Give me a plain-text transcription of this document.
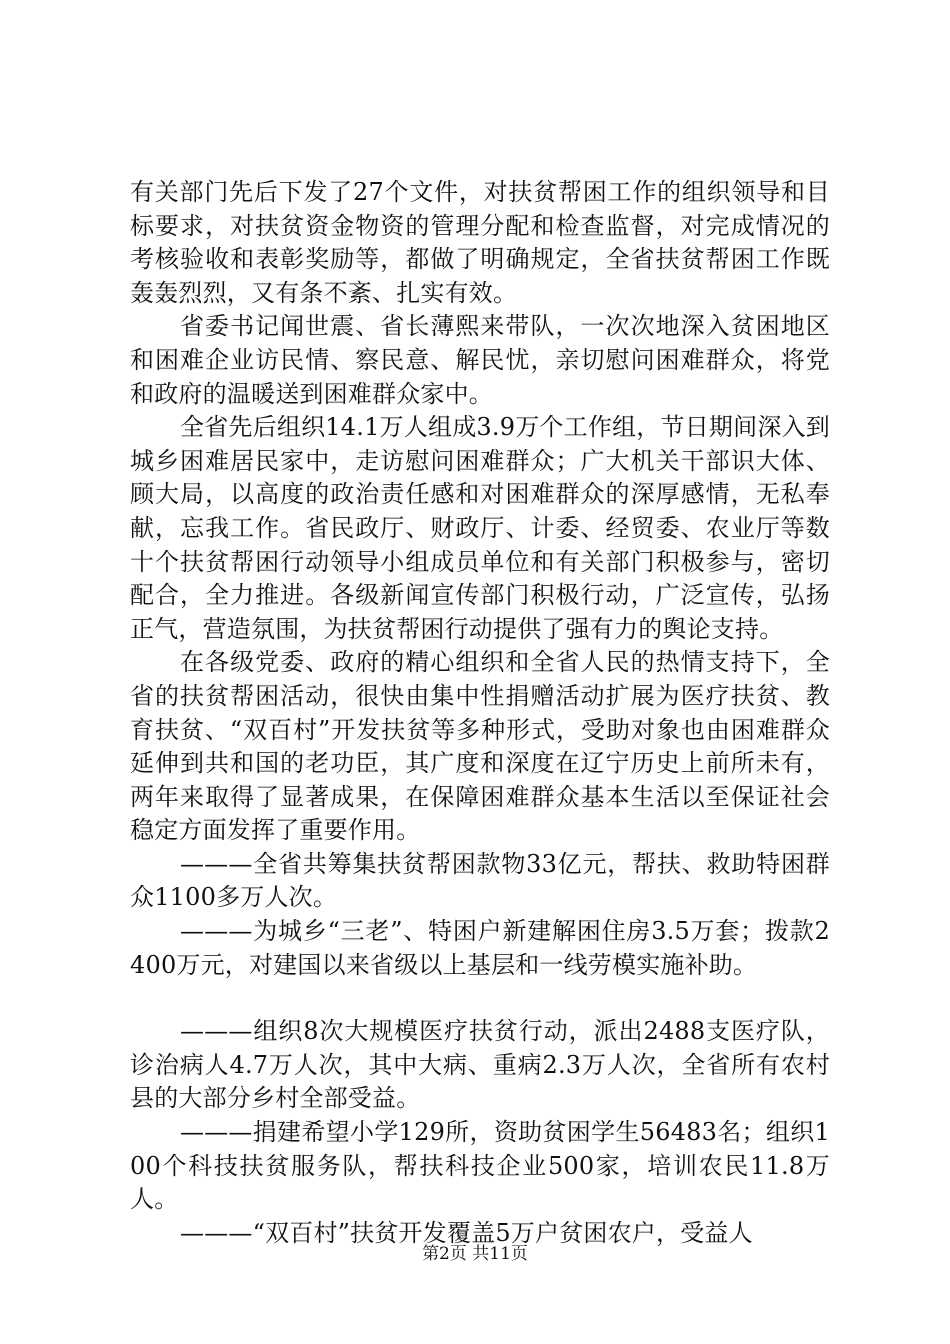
有关部门先后下发了27个文件，对扶贫帮困工作的组织领导和目标要求，对扶贫资金物资的管理分配和检查监督，对完成情况的考核验收和表彰奖励等，都做了明确规定，全省扶贫帮困工作既轰轰烈烈，又有条不紊、扎实有效。

省委书记闻世震、省长薄熙来带队，一次次地深入贫困地区和困难企业访民情、察民意、解民忧，亲切慰问困难群众，将党和政府的温暖送到困难群众家中。

全省先后组织14.1万人组成3.9万个工作组，节日期间深入到城乡困难居民家中，走访慰问困难群众；广大机关干部识大体、顾大局，以高度的政治责任感和对困难群众的深厚感情，无私奉献，忘我工作。省民政厅、财政厅、计委、经贸委、农业厅等数十个扶贫帮困行动领导小组成员单位和有关部门积极参与，密切配合，全力推进。各级新闻宣传部门积极行动，广泛宣传，弘扬正气，营造氛围，为扶贫帮困行动提供了强有力的舆论支持。

在各级党委、政府的精心组织和全省人民的热情支持下，全省的扶贫帮困活动，很快由集中性捐赠活动扩展为医疗扶贫、教育扶贫、“双百村”开发扶贫等多种形式，受助对象也由困难群众延伸到共和国的老功臣，其广度和深度在辽宁历史上前所未有，两年来取得了显著成果，在保障困难群众基本生活以至保证社会稳定方面发挥了重要作用。

———全省共筹集扶贫帮困款物33亿元，帮扶、救助特困群众1100多万人次。

———为城乡“三老”、特困户新建解困住房3.5万套；拨款2400万元，对建国以来省级以上基层和一线劳模实施补助。

———组织8次大规模医疗扶贫行动，派出2488支医疗队，诊治病人4.7万人次，其中大病、重病2.3万人次，全省所有农村县的大部分乡村全部受益。

———捐建希望小学129所，资助贫困学生56483名；组织100个科技扶贫服务队，帮扶科技企业500家，培训农民11.8万人。

———“双百村”扶贫开发覆盖5万户贫困农户，受益人

第2页 共11页
